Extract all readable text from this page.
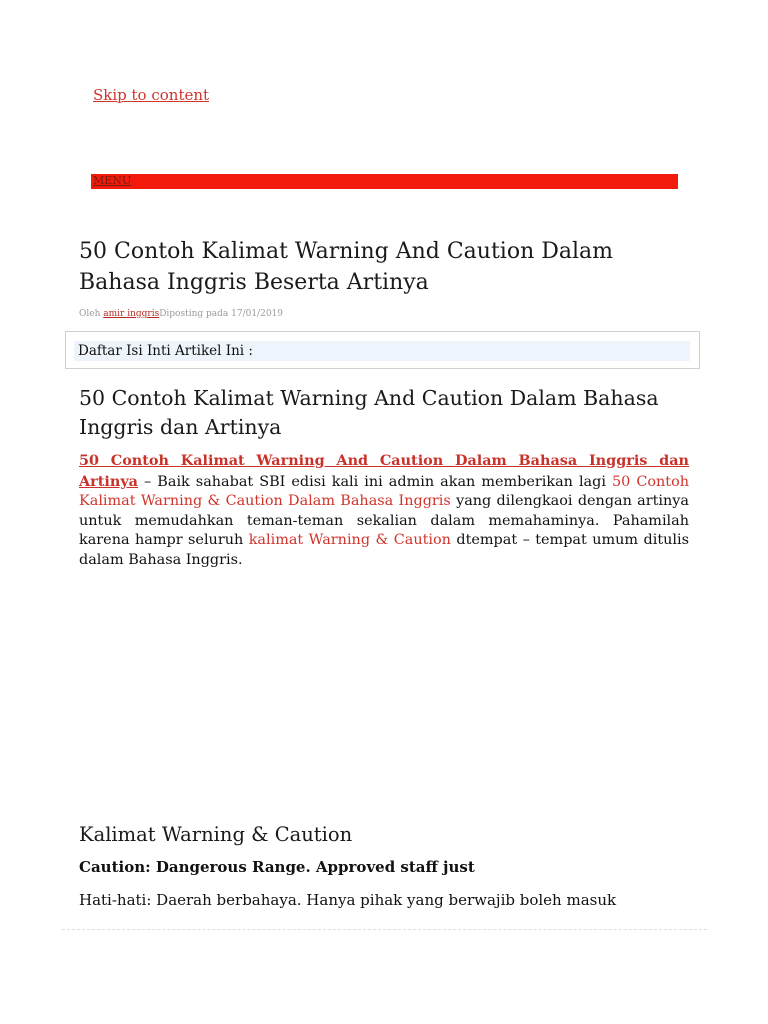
Skip to content
MENU
50 Contoh Kalimat Warning And Caution Dalam Bahasa Inggris Beserta Artinya
Oleh amir inggrisDiposting pada 17/01/2019
Daftar Isi Inti Artikel Ini :
50 Contoh Kalimat Warning And Caution Dalam Bahasa Inggris dan Artinya

50 Contoh Kalimat Warning And Caution Dalam Bahasa Inggris dan Artinya – Baik sahabat SBI edisi kali ini admin akan memberikan lagi 50 Contoh Kalimat Warning & Caution Dalam Bahasa Inggris yang dilengkaoi dengan artinya untuk memudahkan teman-teman sekalian dalam memahaminya. Pahamilah karena hampr seluruh kalimat Warning & Caution dtempat – tempat umum ditulis dalam Bahasa Inggris.

Kalimat Warning & Caution

Caution: Dangerous Range. Approved staff just

Hati-hati: Daerah berbahaya. Hanya pihak yang berwajib boleh masuk
